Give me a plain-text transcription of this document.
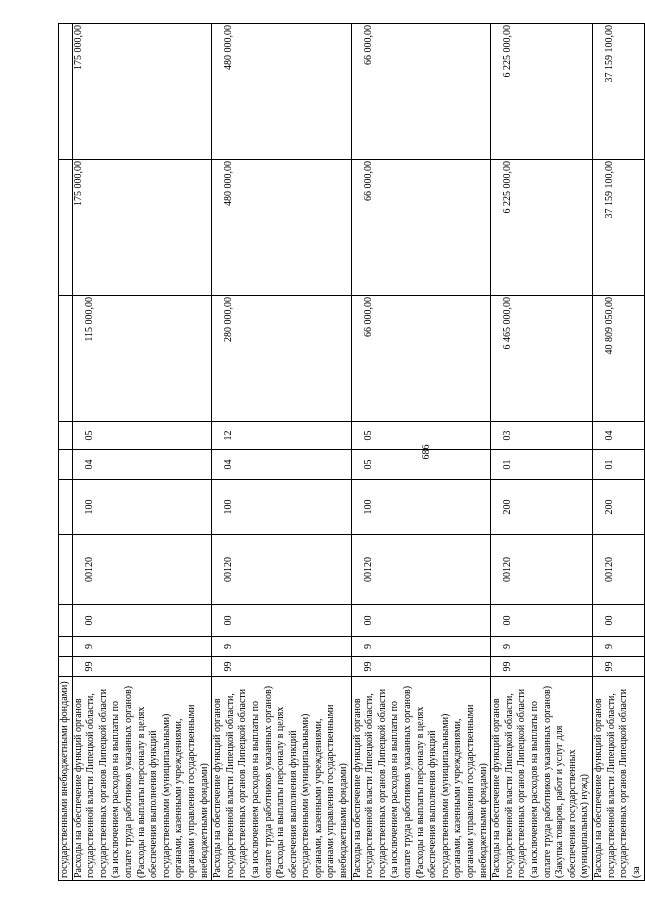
686
государственными внебюджетными фондами)										
Расходы на обеспечение функций органов государственной власти Липецкой области, государственных органов Липецкой области (за исключением расходов на выплаты по оплате труда работников указанных органов) (Расходы на выплаты персоналу в целях обеспечения выполнения функций государственными (муниципальными) органами, казенными учреждениями, органами управления государственными внебюджетными фондами)	99	9	00	00120	100	04	05	115 000,00	175 000,00	175 000,00
Расходы на обеспечение функций органов государственной власти Липецкой области, государственных органов Липецкой области (за исключением расходов на выплаты по оплате труда работников указанных органов) (Расходы на выплаты персоналу в целях обеспечения выполнения функций государственными (муниципальными) органами, казенными учреждениями, органами управления государственными внебюджетными фондами)	99	9	00	00120	100	04	12	280 000,00	480 000,00	480 000,00
Расходы на обеспечение функций органов государственной власти Липецкой области, государственных органов Липецкой области (за исключением расходов на выплаты по оплате труда работников указанных органов) (Расходы на выплаты персоналу в целях обеспечения выполнения функций государственными (муниципальными) органами, казенными учреждениями, органами управления государственными внебюджетными фондами)	99	9	00	00120	100	05	05	66 000,00	66 000,00	66 000,00
Расходы на обеспечение функций органов государственной власти Липецкой области, государственных органов Липецкой области (за исключением расходов на выплаты по оплате труда работников указанных органов) (Закупка товаров, работ и услуг для обеспечения государственных (муниципальных) нужд)	99	9	00	00120	200	01	03	6 465 000,00	6 225 000,00	6 225 000,00
Расходы на обеспечение функций органов государственной власти Липецкой области, государственных органов Липецкой области (за	99	9	00	00120	200	01	04	40 809 050,00	37 159 100,00	37 159 100,00
